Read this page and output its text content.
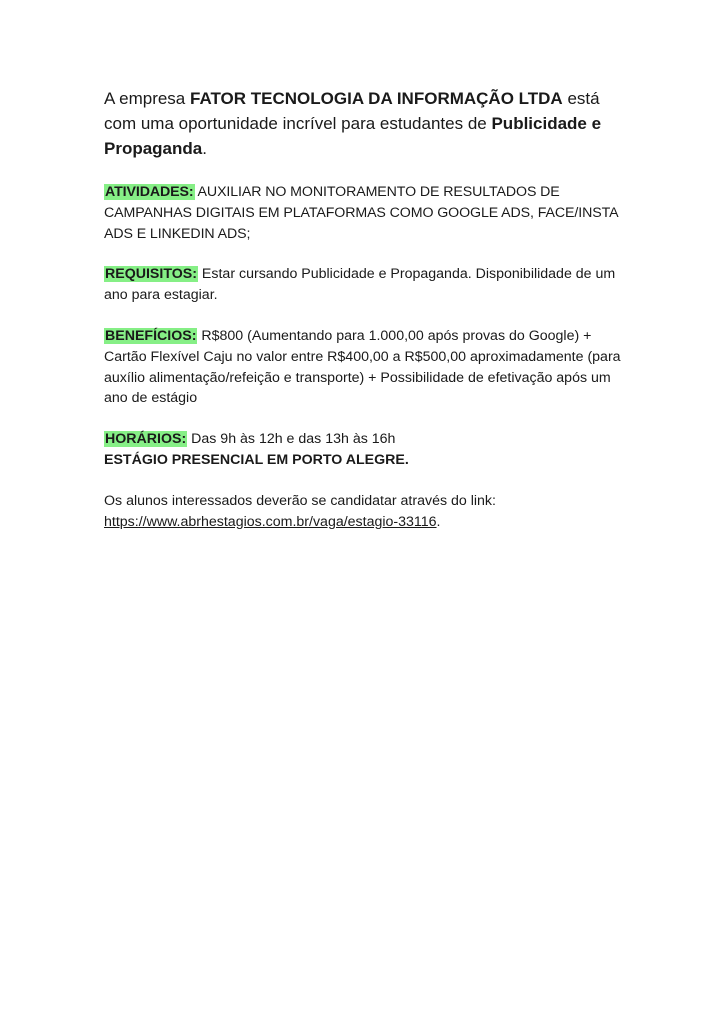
A empresa FATOR TECNOLOGIA DA INFORMAÇÃO LTDA está com uma oportunidade incrível para estudantes de Publicidade e Propaganda.

ATIVIDADES: AUXILIAR NO MONITORAMENTO DE RESULTADOS DE CAMPANHAS DIGITAIS EM PLATAFORMAS COMO GOOGLE ADS, FACE/INSTA ADS E LINKEDIN ADS;

REQUISITOS: Estar cursando Publicidade e Propaganda. Disponibilidade de um ano para estagiar.

BENEFÍCIOS: R$800 (Aumentando para 1.000,00 após provas do Google) + Cartão Flexível Caju no valor entre R$400,00 a R$500,00 aproximadamente (para auxílio alimentação/refeição e transporte) + Possibilidade de efetivação após um ano de estágio

HORÁRIOS: Das 9h às 12h e das 13h às 16h
ESTÁGIO PRESENCIAL EM PORTO ALEGRE.

Os alunos interessados deverão se candidatar através do link: https://www.abrhestagios.com.br/vaga/estagio-33116.
